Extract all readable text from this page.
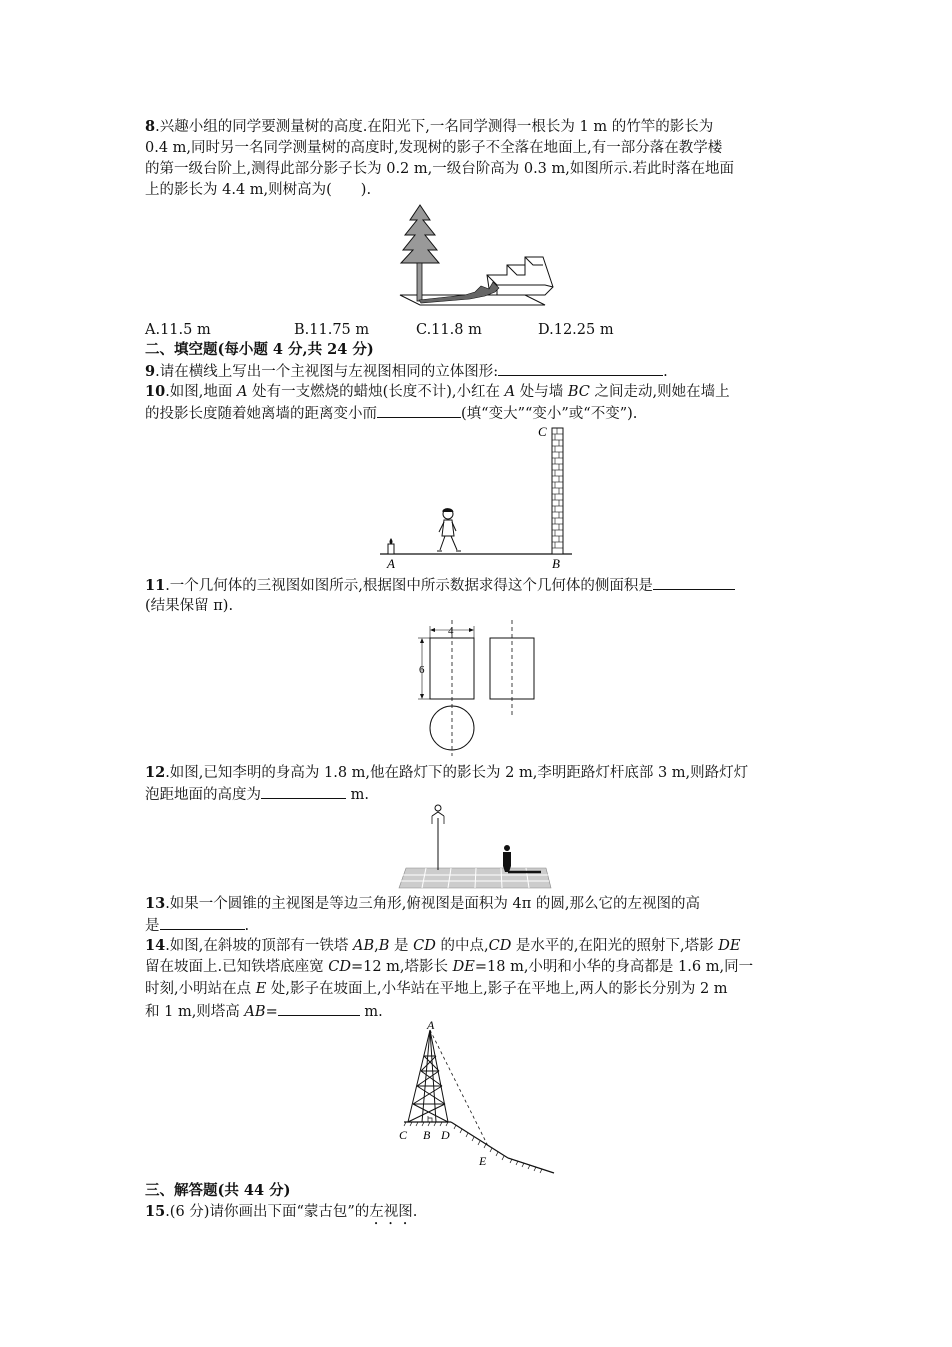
8.兴趣小组的同学要测量树的高度.在阳光下,一名同学测得一根长为 1 m 的竹竿的影长为
0.4 m,同时另一名同学测量树的高度时,发现树的影子不全落在地面上,有一部分落在教学楼
的第一级台阶上,测得此部分影子长为 0.2 m,一级台阶高为 0.3 m,如图所示.若此时落在地面
上的影长为 4.4 m,则树高为(　　).
A.11.5 m	B.11.75 m	C.11.8 m	D.12.25 m
二、填空题(每小题 4 分,共 24 分)
9.请在横线上写出一个主视图与左视图相同的立体图形:	.
10.如图,地面 A 处有一支燃烧的蜡烛(长度不计),小红在 A 处与墙 BC 之间走动,则她在墙上
的投影长度随着她离墙的距离变小而	(填“变大”“变小”或“不变”).
A	B
C
11.一个几何体的三视图如图所示,根据图中所示数据求得这个几何体的侧面积是
(结果保留 π).
4
6
12.如图,已知李明的身高为 1.8 m,他在路灯下的影长为 2 m,李明距路灯杆底部 3 m,则路灯灯
泡距地面的高度为	m.
13.如果一个圆锥的主视图是等边三角形,俯视图是面积为 4π 的圆,那么它的左视图的高
是	.
14.如图,在斜坡的顶部有一铁塔 AB,B 是 CD 的中点,CD 是水平的,在阳光的照射下,塔影 DE
留在坡面上.已知铁塔底座宽 CD=12 m,塔影长 DE=18 m,小明和小华的身高都是 1.6 m,同一
时刻,小明站在点 E 处,影子在坡面上,小华站在平地上,影子在平地上,两人的影长分别为 2 m
和 1 m,则塔高 AB=	m.
A
C B D
E
三、解答题(共 44 分)
15.(6 分)请你画出下面“蒙古包”的左视图.
